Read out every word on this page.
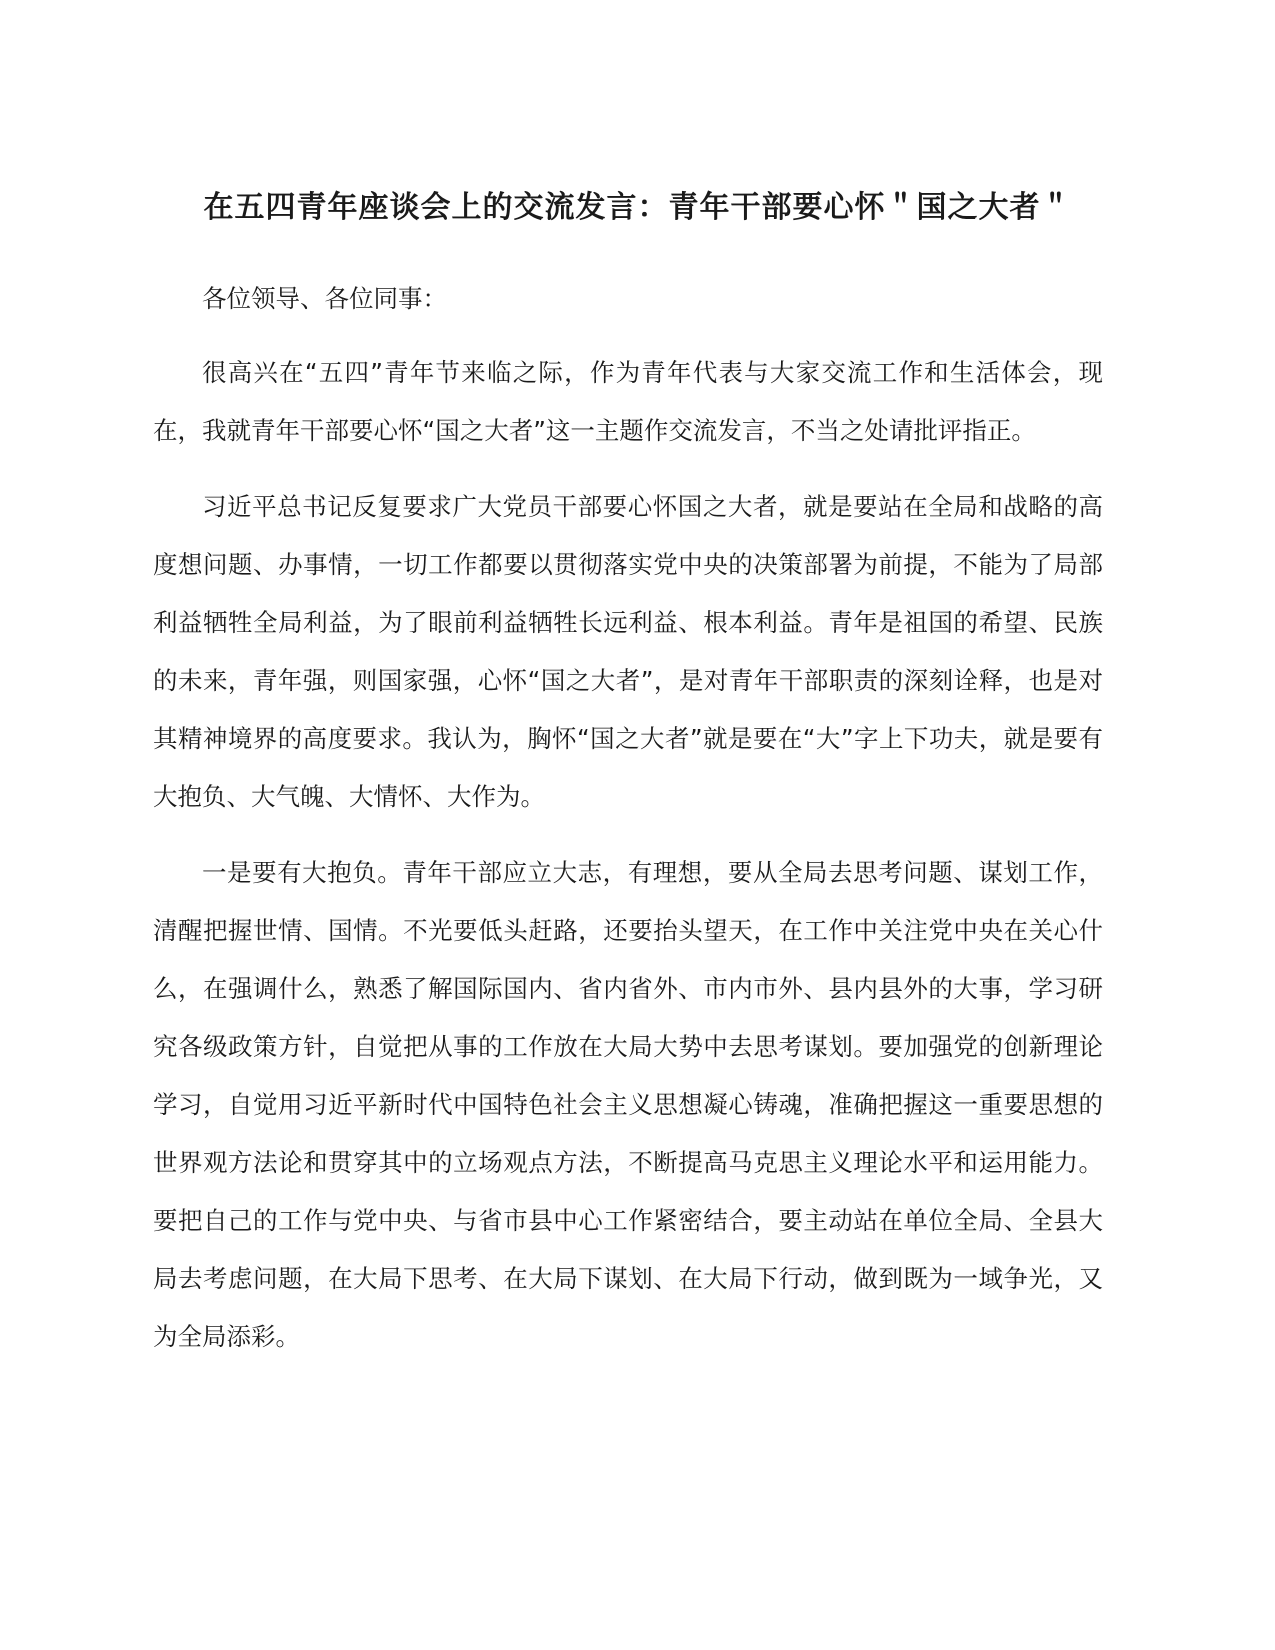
在五四青年座谈会上的交流发言：青年干部要心怀＂国之大者＂

各位领导、各位同事：

很高兴在“五四”青年节来临之际，作为青年代表与大家交流工作和生活体会，现在，我就青年干部要心怀“国之大者”这一主题作交流发言，不当之处请批评指正。

习近平总书记反复要求广大党员干部要心怀国之大者，就是要站在全局和战略的高度想问题、办事情，一切工作都要以贯彻落实党中央的决策部署为前提，不能为了局部利益牺牲全局利益，为了眼前利益牺牲长远利益、根本利益。青年是祖国的希望、民族的未来，青年强，则国家强，心怀“国之大者”，是对青年干部职责的深刻诠释，也是对其精神境界的高度要求。我认为，胸怀“国之大者”就是要在“大”字上下功夫，就是要有大抱负、大气魄、大情怀、大作为。

一是要有大抱负。青年干部应立大志，有理想，要从全局去思考问题、谋划工作，清醒把握世情、国情。不光要低头赶路，还要抬头望天，在工作中关注党中央在关心什么，在强调什么，熟悉了解国际国内、省内省外、市内市外、县内县外的大事，学习研究各级政策方针，自觉把从事的工作放在大局大势中去思考谋划。要加强党的创新理论学习，自觉用习近平新时代中国特色社会主义思想凝心铸魂，准确把握这一重要思想的世界观方法论和贯穿其中的立场观点方法，不断提高马克思主义理论水平和运用能力。要把自己的工作与党中央、与省市县中心工作紧密结合，要主动站在单位全局、全县大局去考虑问题，在大局下思考、在大局下谋划、在大局下行动，做到既为一域争光，又为全局添彩。
